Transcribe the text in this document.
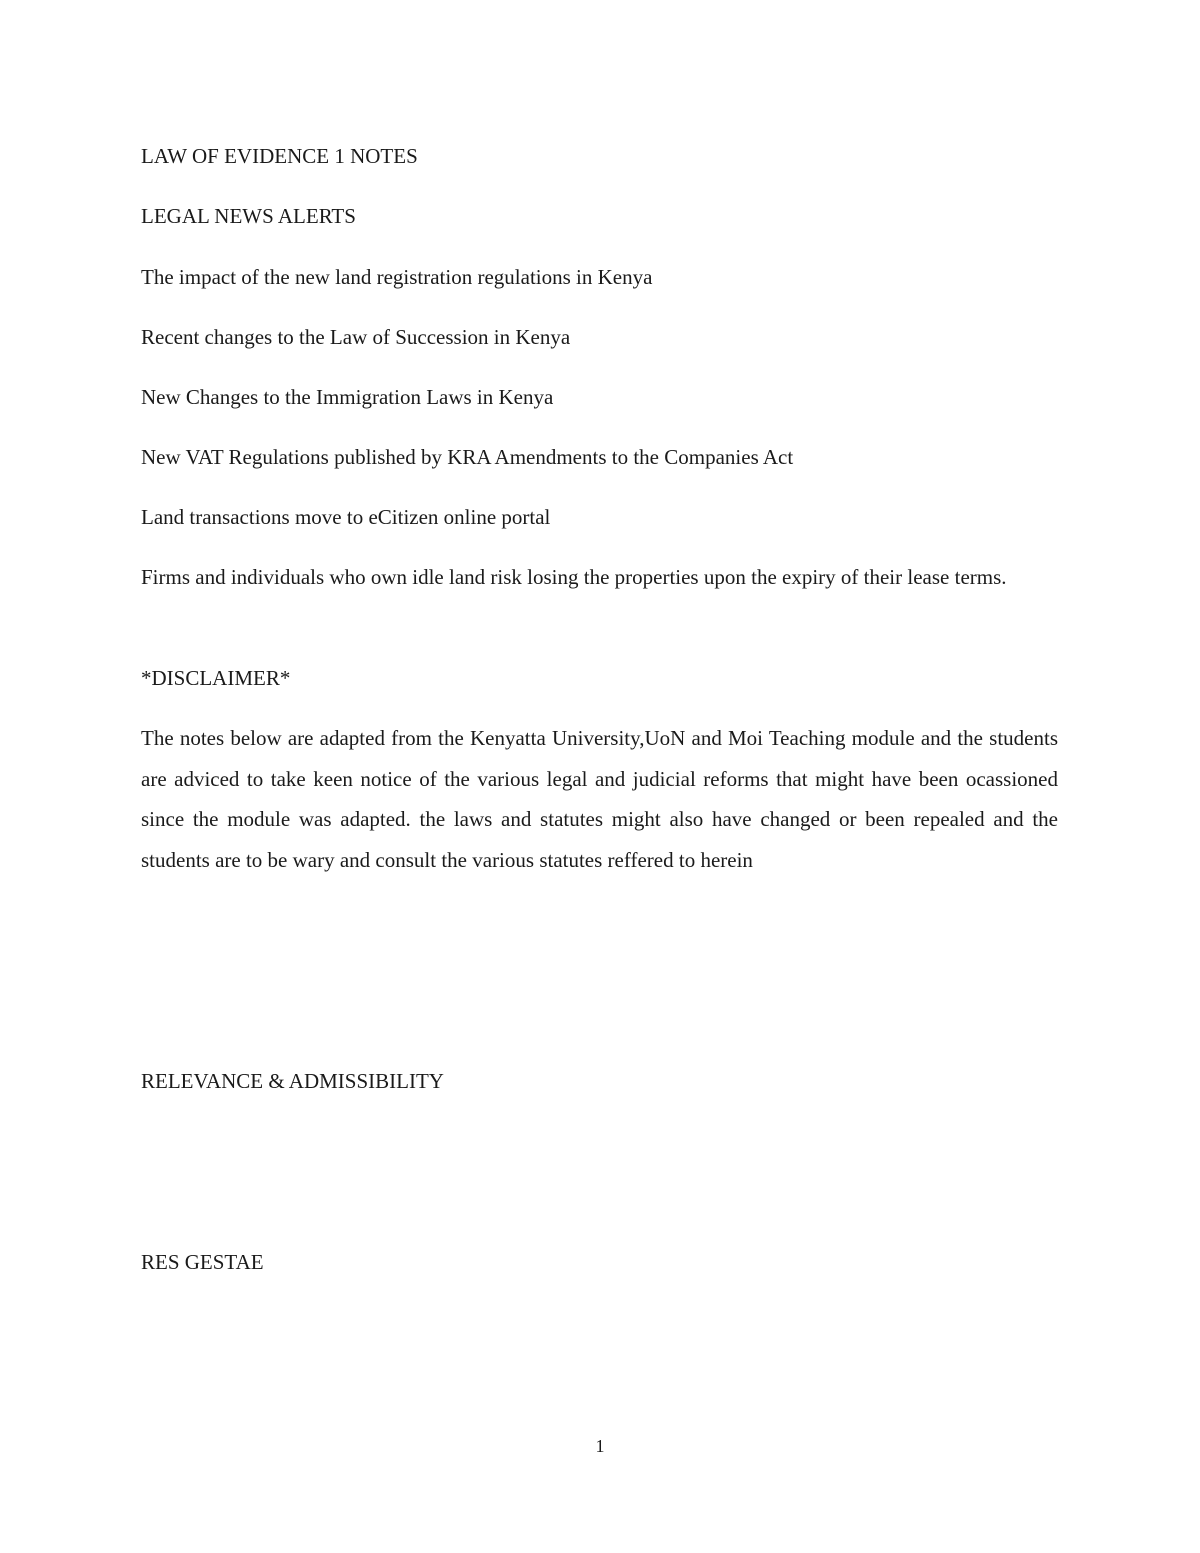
LAW OF EVIDENCE 1 NOTES

LEGAL NEWS ALERTS

The impact of the new land registration regulations in Kenya

Recent changes to the Law of Succession in Kenya

New Changes to the Immigration Laws in Kenya

New VAT Regulations published by KRA Amendments to the Companies Act

Land transactions move to eCitizen online portal

Firms and individuals who own idle land risk losing the properties upon the expiry of their lease terms.

*DISCLAIMER*

The notes below are adapted from the Kenyatta University,UoN and Moi Teaching module and the students are adviced to take keen notice of the various legal and judicial reforms that might have been ocassioned since the module was adapted. the laws and statutes might also have changed or been repealed and the students are to be wary and consult the various statutes reffered to herein

RELEVANCE & ADMISSIBILITY

RES GESTAE

1
